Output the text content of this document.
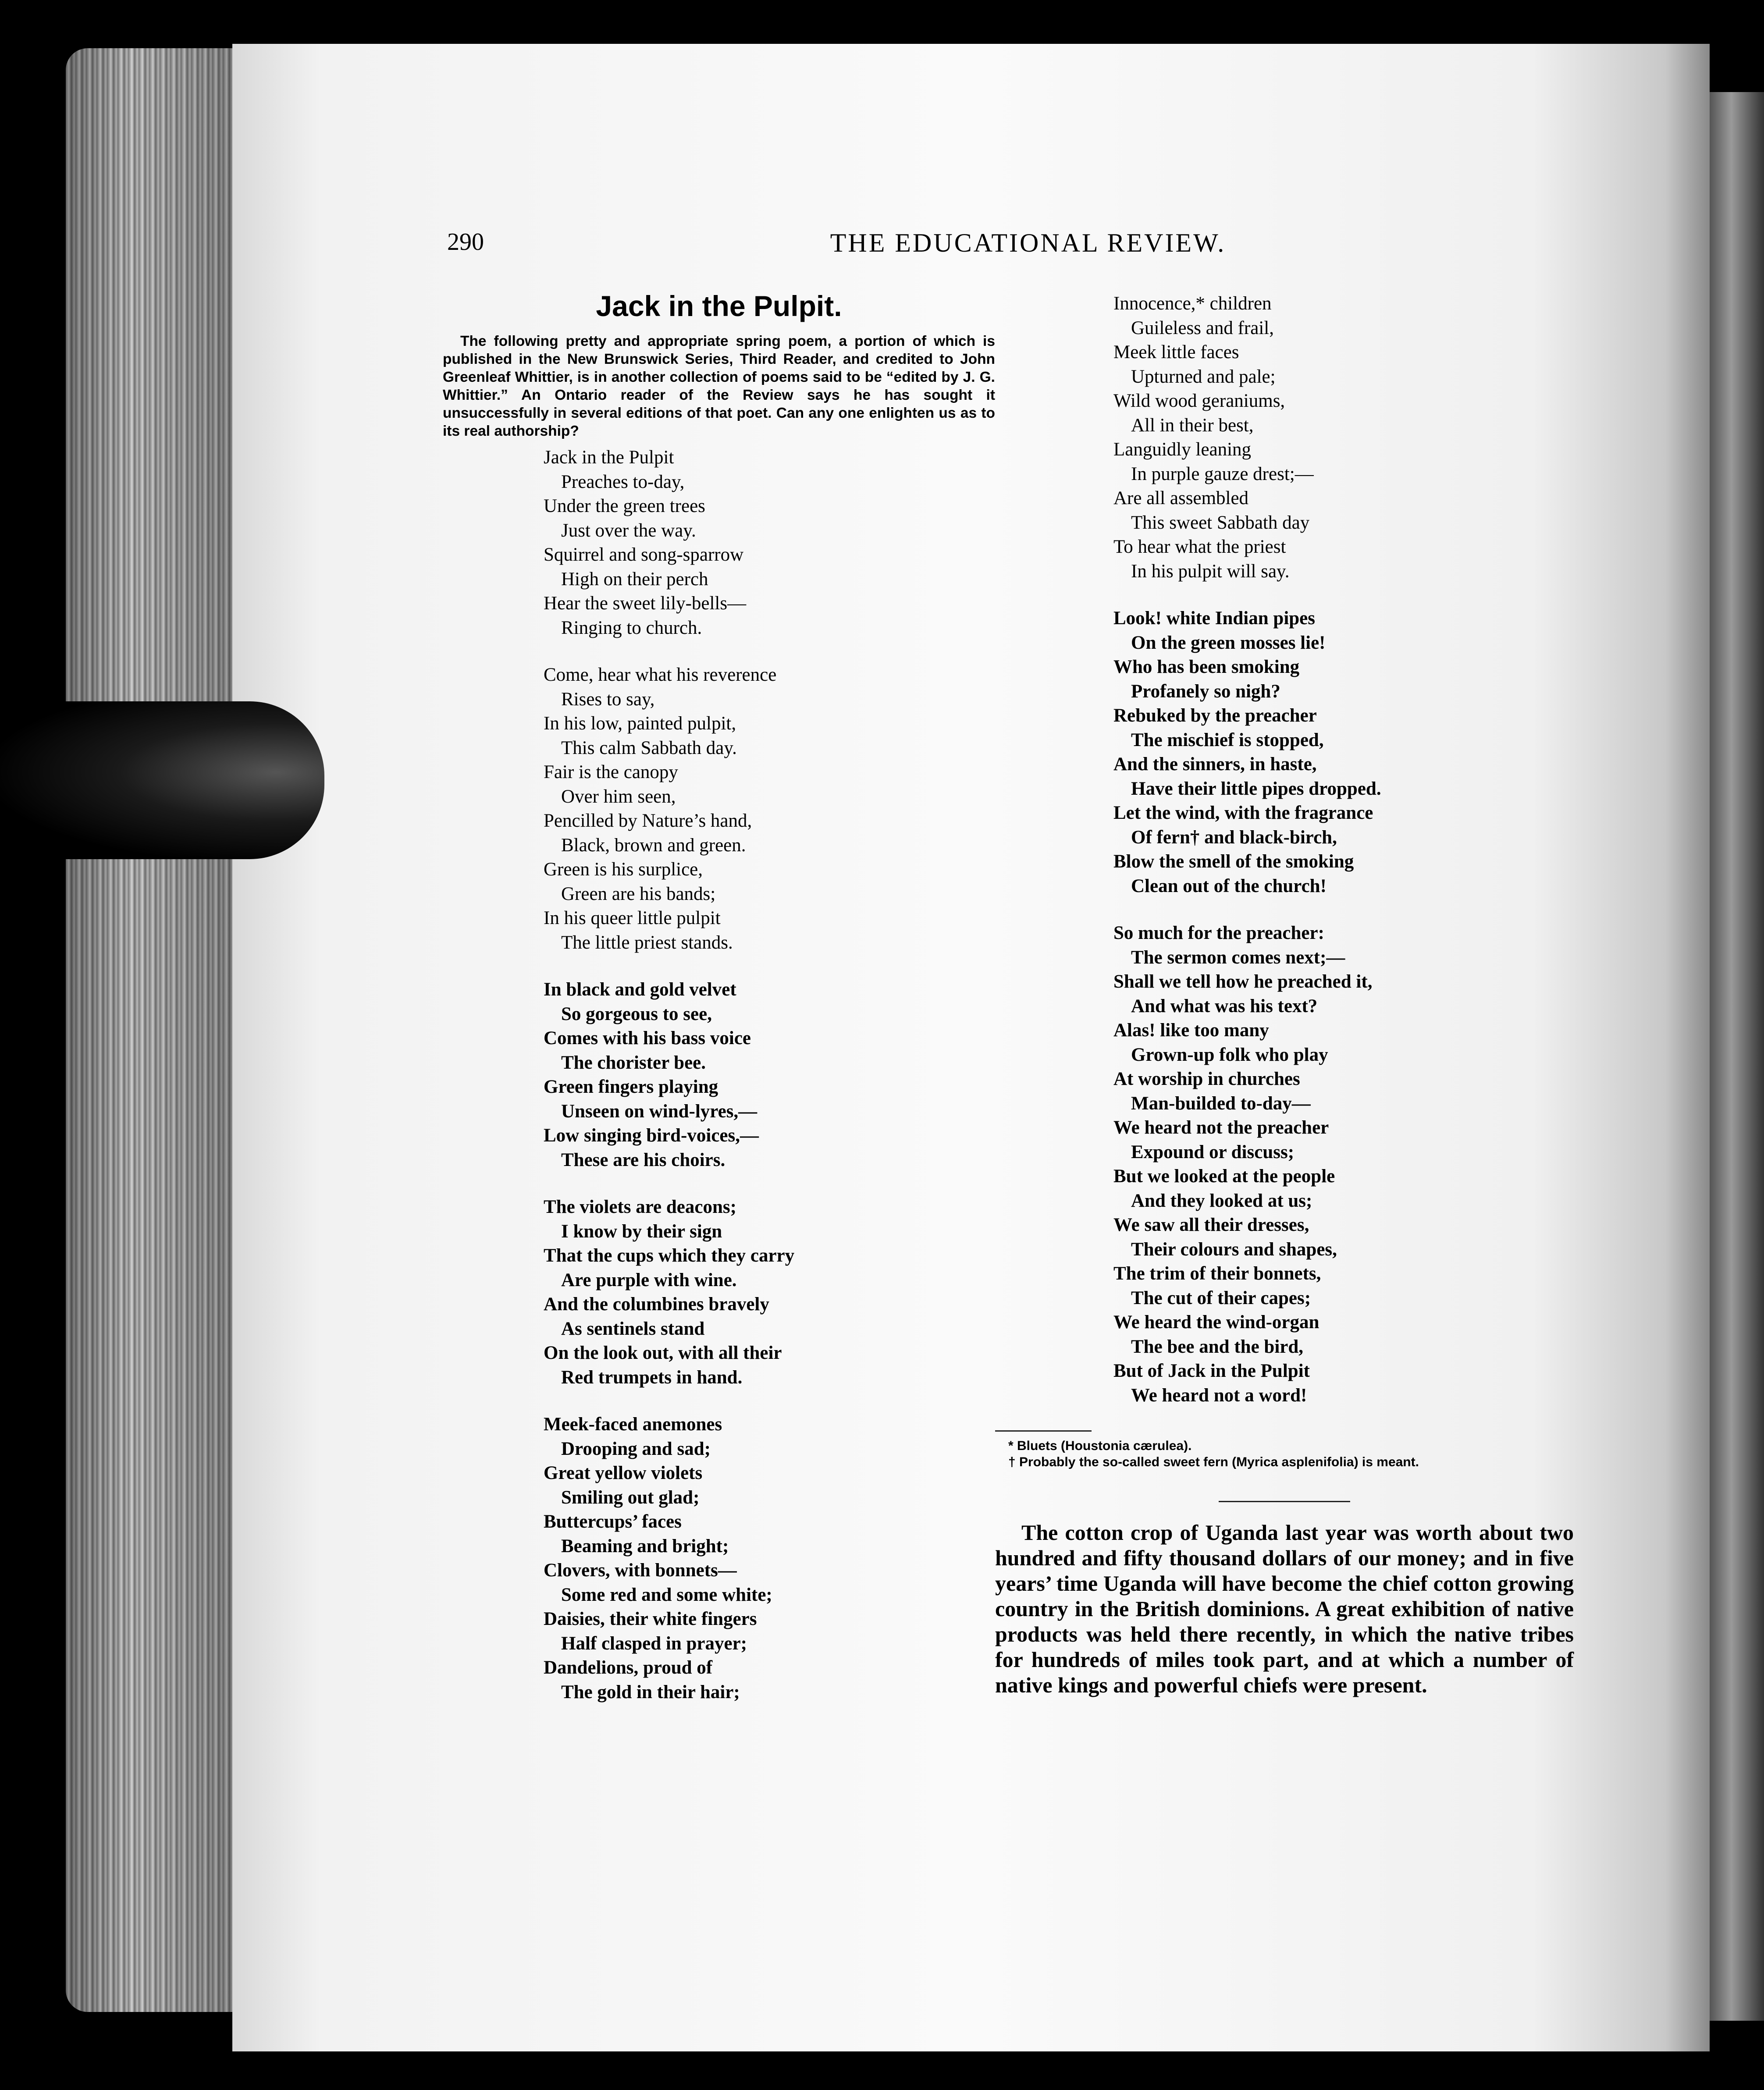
290	THE EDUCATIONAL REVIEW.
Jack in the Pulpit.

The following pretty and appropriate spring poem, a portion of which is published in the New Brunswick Series, Third Reader, and credited to John Greenleaf Whittier, is in another collection of poems said to be “edited by J. G. Whittier.” An Ontario reader of the Review says he has sought it unsuccessfully in several editions of that poet. Can any one enlighten us as to its real authorship?

Jack in the Pulpit
Preaches to-day,
Under the green trees
Just over the way.
Squirrel and song-sparrow
High on their perch
Hear the sweet lily-bells—
Ringing to church.
Come, hear what his reverence
Rises to say,
In his low, painted pulpit,
This calm Sabbath day.
Fair is the canopy
Over him seen,
Pencilled by Nature’s hand,
Black, brown and green.
Green is his surplice,
Green are his bands;
In his queer little pulpit
The little priest stands.
In black and gold velvet
So gorgeous to see,
Comes with his bass voice
The chorister bee.
Green fingers playing
Unseen on wind-lyres,—
Low singing bird-voices,—
These are his choirs.
The violets are deacons;
I know by their sign
That the cups which they carry
Are purple with wine.
And the columbines bravely
As sentinels stand
On the look out, with all their
Red trumpets in hand.
Meek-faced anemones
Drooping and sad;
Great yellow violets
Smiling out glad;
Buttercups’ faces
Beaming and bright;
Clovers, with bonnets—
Some red and some white;
Daisies, their white fingers
Half clasped in prayer;
Dandelions, proud of
The gold in their hair;
Innocence,* children
Guileless and frail,
Meek little faces
Upturned and pale;
Wild wood geraniums,
All in their best,
Languidly leaning
In purple gauze drest;—
Are all assembled
This sweet Sabbath day
To hear what the priest
In his pulpit will say.
Look! white Indian pipes
On the green mosses lie!
Who has been smoking
Profanely so nigh?
Rebuked by the preacher
The mischief is stopped,
And the sinners, in haste,
Have their little pipes dropped.
Let the wind, with the fragrance
Of fern† and black-birch,
Blow the smell of the smoking
Clean out of the church!
So much for the preacher:
The sermon comes next;—
Shall we tell how he preached it,
And what was his text?
Alas! like too many
Grown-up folk who play
At worship in churches
Man-builded to-day—
We heard not the preacher
Expound or discuss;
But we looked at the people
And they looked at us;
We saw all their dresses,
Their colours and shapes,
The trim of their bonnets,
The cut of their capes;
We heard the wind-organ
The bee and the bird,
But of Jack in the Pulpit
We heard not a word!
* Bluets (Houstonia cærulea).
† Probably the so-called sweet fern (Myrica asplenifolia) is meant.

The cotton crop of Uganda last year was worth about two hundred and fifty thousand dollars of our money; and in five years’ time Uganda will have become the chief cotton growing country in the British dominions. A great exhibition of native products was held there recently, in which the native tribes for hundreds of miles took part, and at which a number of native kings and powerful chiefs were present.
